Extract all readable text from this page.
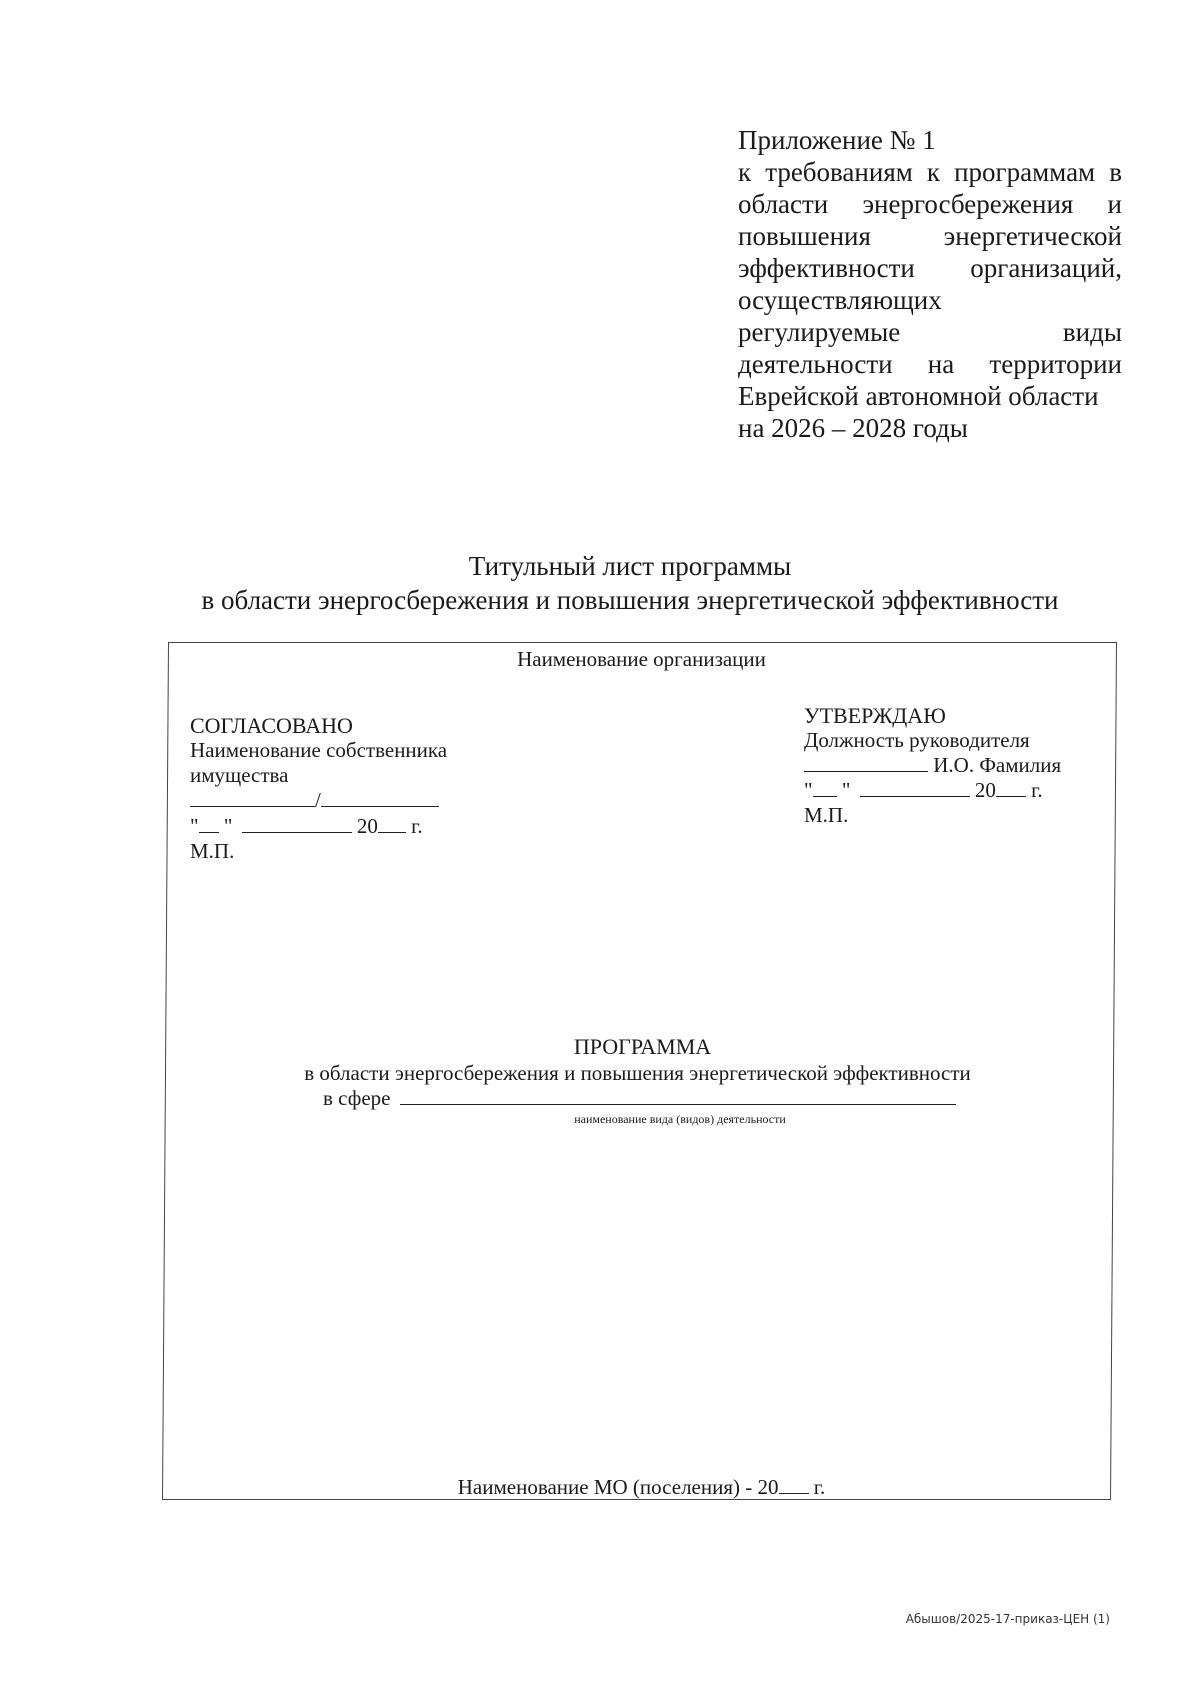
Приложение № 1
к требованиям к программам в
области энергосбережения и
повышения	энергетической
эффективности организаций,
осуществляющих
регулируемые	виды
деятельности на территории
Еврейской автономной области
на 2026 – 2028 годы
Титульный лист программы
в области энергосбережения и повышения энергетической эффективности
Наименование организации
СОГЛАСОВАНО
Наименование собственника
имущества
/
" "	20 г.
М.П.
УТВЕРЖДАЮ
Должность руководителя
И.О. Фамилия
" "	20 г.
М.П.
ПРОГРАММА
в области энергосбережения и повышения энергетической эффективности
в сфере
наименование вида (видов) деятельности
Наименование МО (поселения) - 20 г.
Абышов/2025-17-приказ-ЦЕН (1)
